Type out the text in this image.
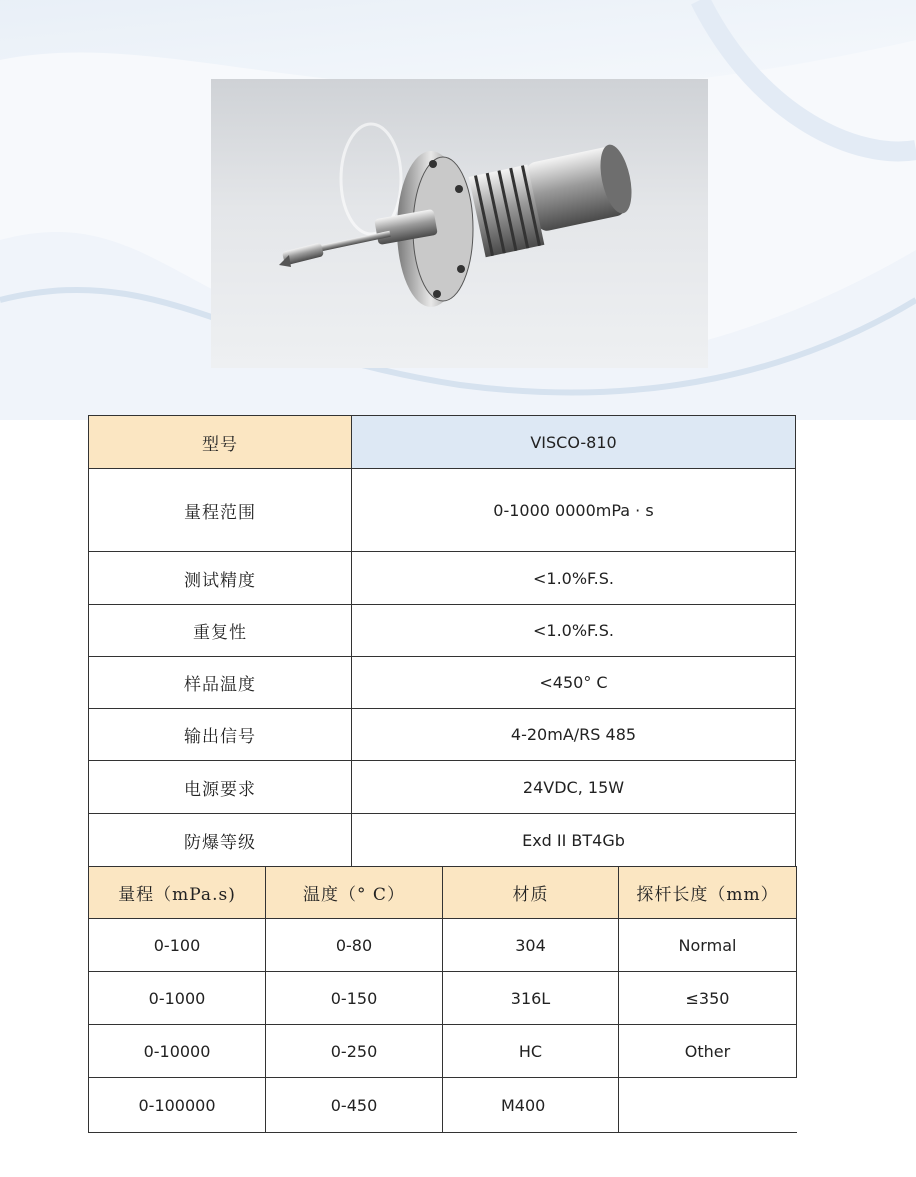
型号	VISCO-810
量程范围	0-1000 0000mPa · s
测试精度	<1.0%F.S.
重复性	<1.0%F.S.
样品温度	<450° C
输出信号	4-20mA/RS 485
电源要求	24VDC, 15W
防爆等级	Exd II BT4Gb
量程（mPa.s)	温度（° C）	材质	探杆长度（mm）
0-100	0-80	304	Normal
0-1000	0-150	316L	≤350
0-10000	0-250	HC	Other
0-100000	0-450	M400	
